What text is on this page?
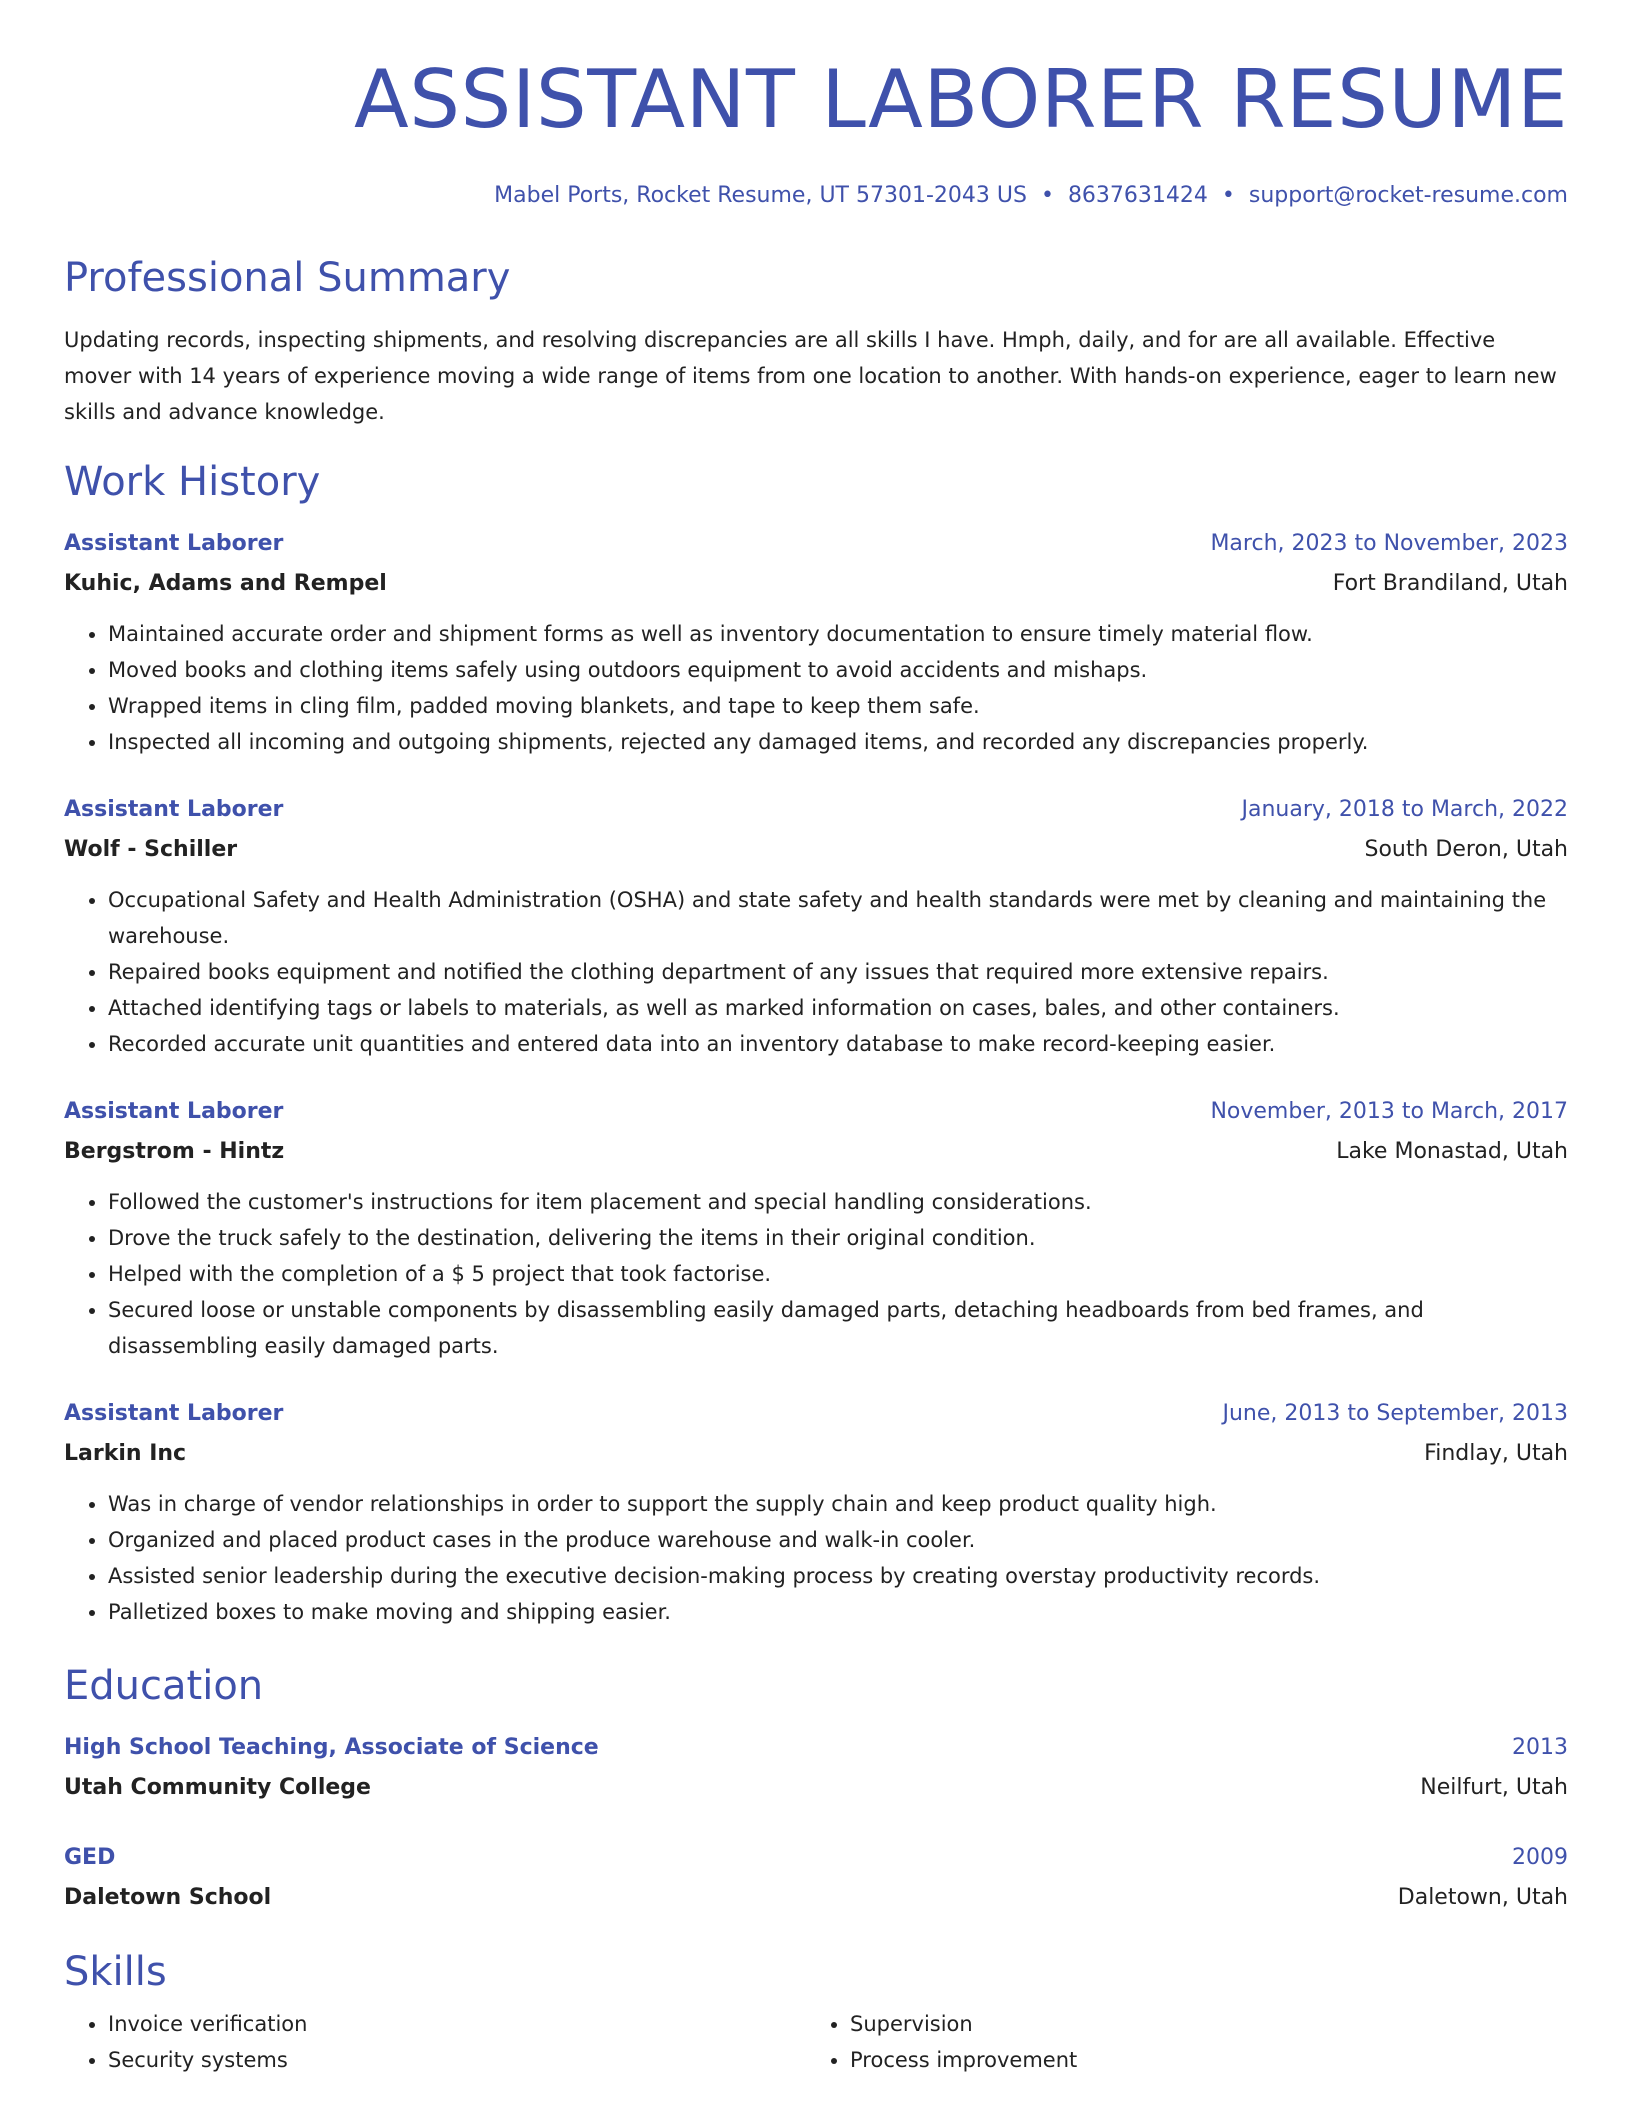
ASSISTANT LABORER RESUME
Mabel Ports, Rocket Resume, UT 57301-2043 US • 8637631424 • support@rocket-resume.com
Professional Summary

Updating records, inspecting shipments, and resolving discrepancies are all skills I have. Hmph, daily, and for are all available. Effective mover with 14 years of experience moving a wide range of items from one location to another. With hands-on experience, eager to learn new skills and advance knowledge.

Work History
Assistant Laborer	March, 2023 to November, 2023
Kuhic, Adams and Rempel	Fort Brandiland, Utah
• Maintained accurate order and shipment forms as well as inventory documentation to ensure timely material flow.
• Moved books and clothing items safely using outdoors equipment to avoid accidents and mishaps.
• Wrapped items in cling film, padded moving blankets, and tape to keep them safe.
• Inspected all incoming and outgoing shipments, rejected any damaged items, and recorded any discrepancies properly.
Assistant Laborer	January, 2018 to March, 2022
Wolf - Schiller	South Deron, Utah
• Occupational Safety and Health Administration (OSHA) and state safety and health standards were met by cleaning and maintaining the warehouse.
• Repaired books equipment and notified the clothing department of any issues that required more extensive repairs.
• Attached identifying tags or labels to materials, as well as marked information on cases, bales, and other containers.
• Recorded accurate unit quantities and entered data into an inventory database to make record-keeping easier.
Assistant Laborer	November, 2013 to March, 2017
Bergstrom - Hintz	Lake Monastad, Utah
• Followed the customer's instructions for item placement and special handling considerations.
• Drove the truck safely to the destination, delivering the items in their original condition.
• Helped with the completion of a $ 5 project that took factorise.
• Secured loose or unstable components by disassembling easily damaged parts, detaching headboards from bed frames, and disassembling easily damaged parts.
Assistant Laborer	June, 2013 to September, 2013
Larkin Inc	Findlay, Utah
• Was in charge of vendor relationships in order to support the supply chain and keep product quality high.
• Organized and placed product cases in the produce warehouse and walk-in cooler.
• Assisted senior leadership during the executive decision-making process by creating overstay productivity records.
• Palletized boxes to make moving and shipping easier.
Education
High School Teaching, Associate of Science	2013
Utah Community College	Neilfurt, Utah
GED	2009
Daletown School	Daletown, Utah
Skills
• Invoice verification
• Security systems
• Supervision
• Process improvement
